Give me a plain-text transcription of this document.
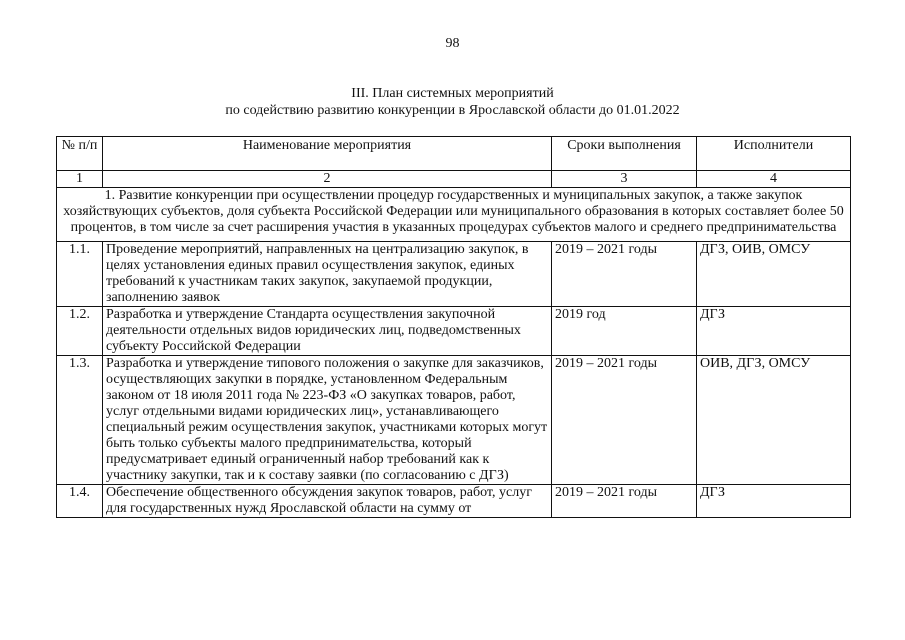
98
III. План системных мероприятий
по содействию развитию конкуренции в Ярославской области до 01.01.2022
№ п/п	Наименование мероприятия	Сроки выполнения	Исполнители
1	2	3	4

1. Развитие конкуренции при осуществлении процедур государственных и муниципальных закупок, а также закупок хозяйствующих субъектов, доля субъекта Российской Федерации или муниципального образования в которых составляет более 50 процентов, в том числе за счет расширения участия в указанных процедурах субъектов малого и среднего предпринимательства			

1.1.	Проведение мероприятий, направленных на централизацию закупок, в целях установления единых правил осуществления закупок, единых требований к участникам таких закупок, закупаемой продукции, заполнению заявок	2019 – 2021 годы	ДГЗ, ОИВ, ОМСУ
1.2.	Разработка и утверждение Стандарта осуществления закупочной деятельности отдельных видов юридических лиц, подведомственных субъекту Российской Федерации	2019 год	ДГЗ
1.3.	Разработка и утверждение типового положения о закупке для заказчиков, осуществляющих закупки в порядке, установленном Федеральным законом от 18 июля 2011 года № 223-ФЗ «О закупках товаров, работ, услуг отдельными видами юридических лиц», устанавливающего специальный режим осуществления закупок, участниками которых могут быть только субъекты малого предпринимательства, который предусматривает единый ограниченный набор требований как к участнику закупки, так и к составу заявки (по согласованию с ДГЗ)	2019 – 2021 годы	ОИВ, ДГЗ, ОМСУ
1.4.	Обеспечение общественного обсуждения закупок товаров, работ, услуг для государственных нужд Ярославской области на сумму от	2019 – 2021 годы	ДГЗ
